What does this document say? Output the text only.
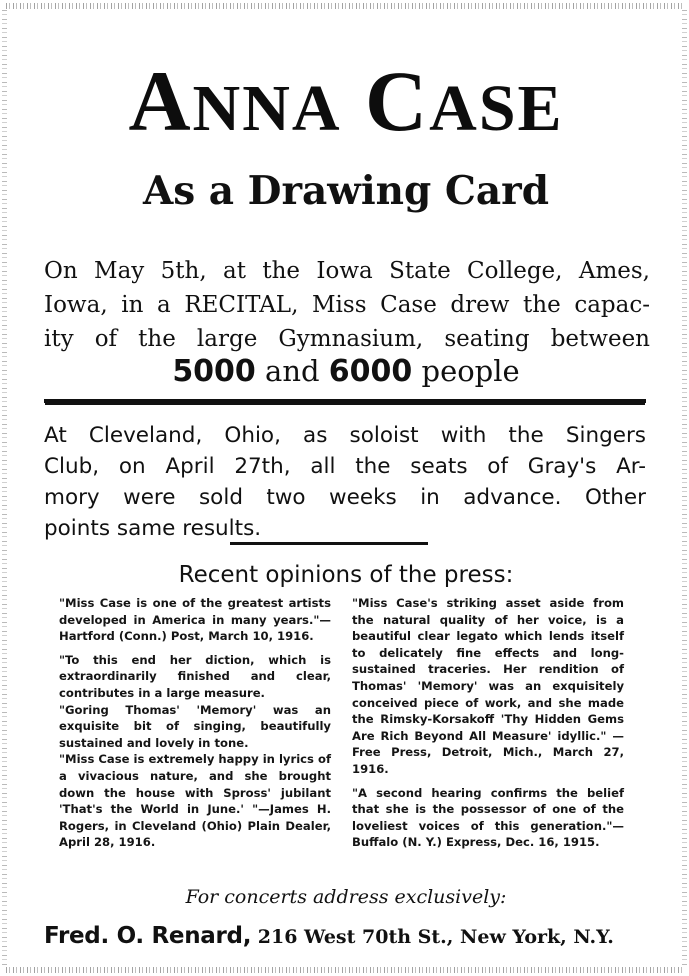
ANNA CASE
As a Drawing Card
On May 5th, at the Iowa State College, Ames,
Iowa, in a RECITAL, Miss Case drew the capac-
ity of the large Gymnasium, seating between
5000 and 6000 people
At Cleveland, Ohio, as soloist with the Singers
Club, on April 27th, all the seats of Gray's Ar-
mory were sold two weeks in advance. Other
points same results.
Recent opinions of the press:

"Miss Case is one of the greatest artists developed in America in many years."—Hartford (Conn.) Post, March 10, 1916.

"To this end her diction, which is extraordinarily finished and clear, contributes in a large measure.

"Goring Thomas' 'Memory' was an exquisite bit of singing, beautifully sustained and lovely in tone.

"Miss Case is extremely happy in lyrics of a vivacious nature, and she brought down the house with Spross' jubilant 'That's the World in June.' "—James H. Rogers, in Cleveland (Ohio) Plain Dealer, April 28, 1916.

"Miss Case's striking asset aside from the natural quality of her voice, is a beautiful clear legato which lends itself to delicately fine effects and long-sustained traceries. Her rendition of Thomas' 'Memory' was an exquisitely conceived piece of work, and she made the Rimsky-Korsakoff 'Thy Hidden Gems Are Rich Beyond All Measure' idyllic." —Free Press, Detroit, Mich., March 27, 1916.

"A second hearing confirms the belief that she is the possessor of one of the loveliest voices of this generation."—Buffalo (N. Y.) Express, Dec. 16, 1915.

For concerts address exclusively:
Fred. O. Renard, 216 West 70th St., New York, N.Y.
